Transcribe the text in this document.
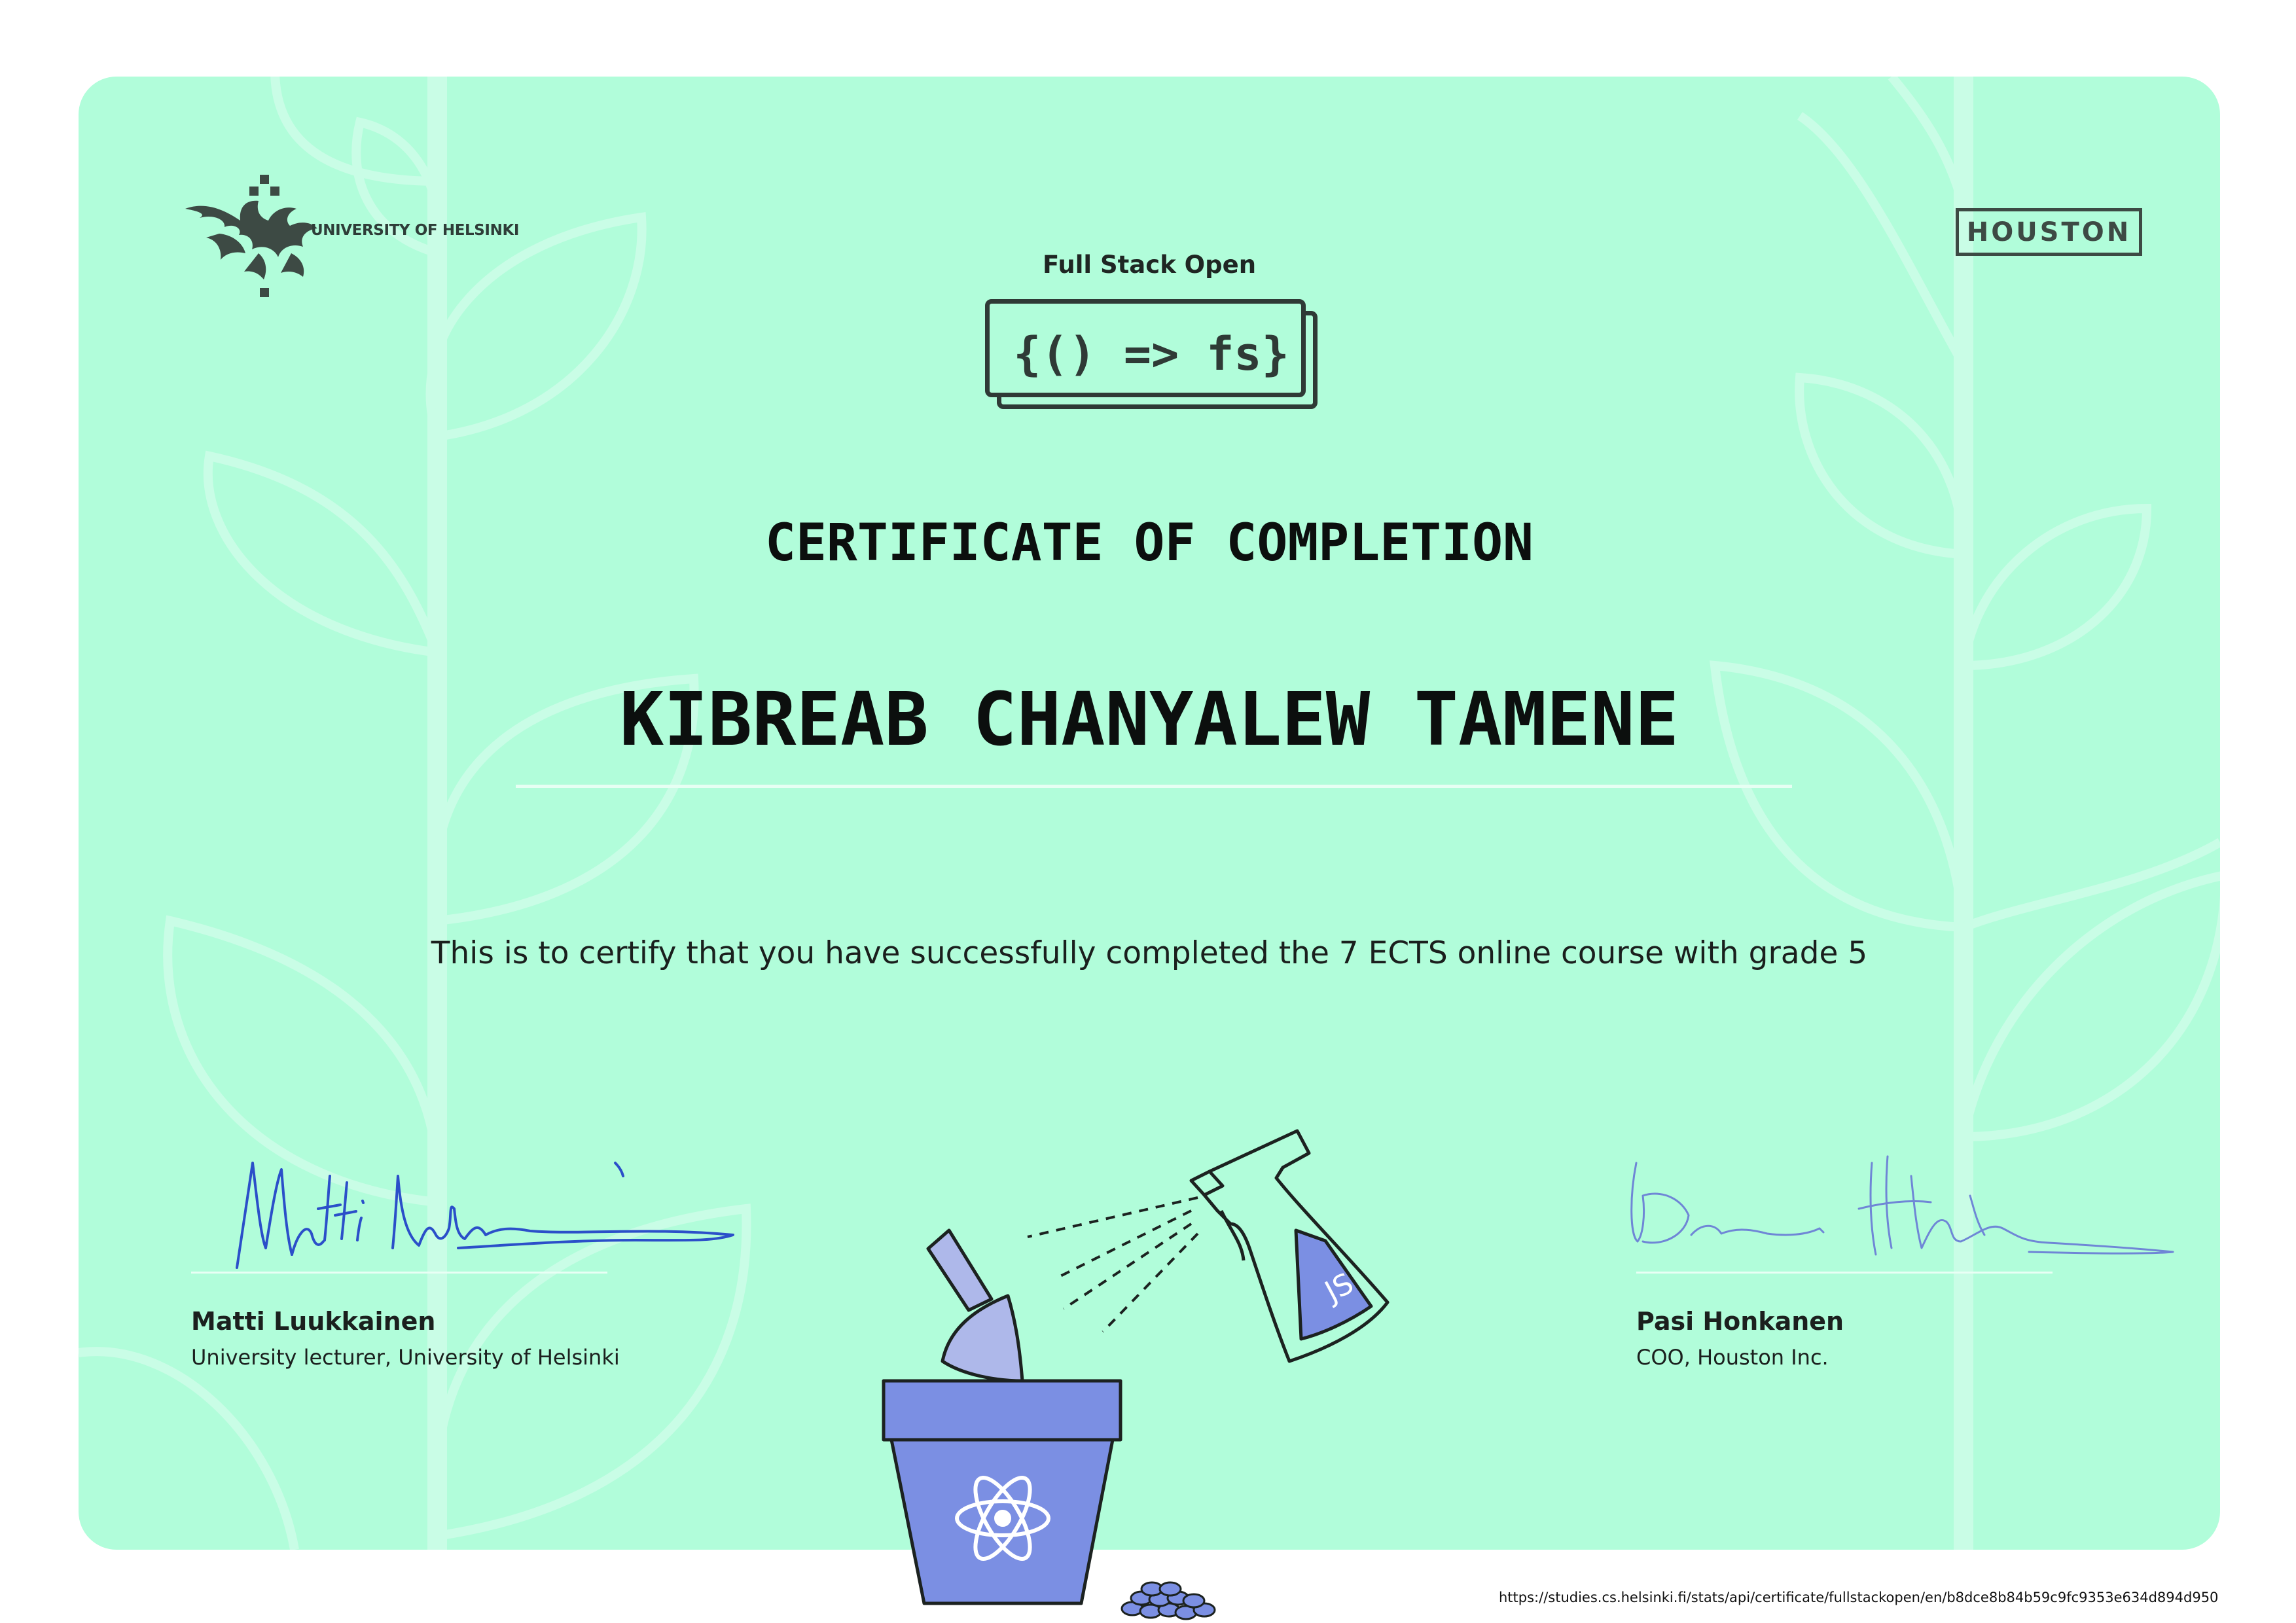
UNIVERSITY OF HELSINKI	HOUSTON
Full Stack Open
{() => fs}
CERTIFICATE OF COMPLETION
KIBREAB CHANYALEW TAMENE
This is to certify that you have successfully completed the 7 ECTS online course with grade 5
Matti Luukkainen
University lecturer, University of Helsinki
Pasi Honkanen
COO, Houston Inc.
JS
https://studies.cs.helsinki.fi/stats/api/certificate/fullstackopen/en/b8dce8b84b59c9fc9353e634d894d950
